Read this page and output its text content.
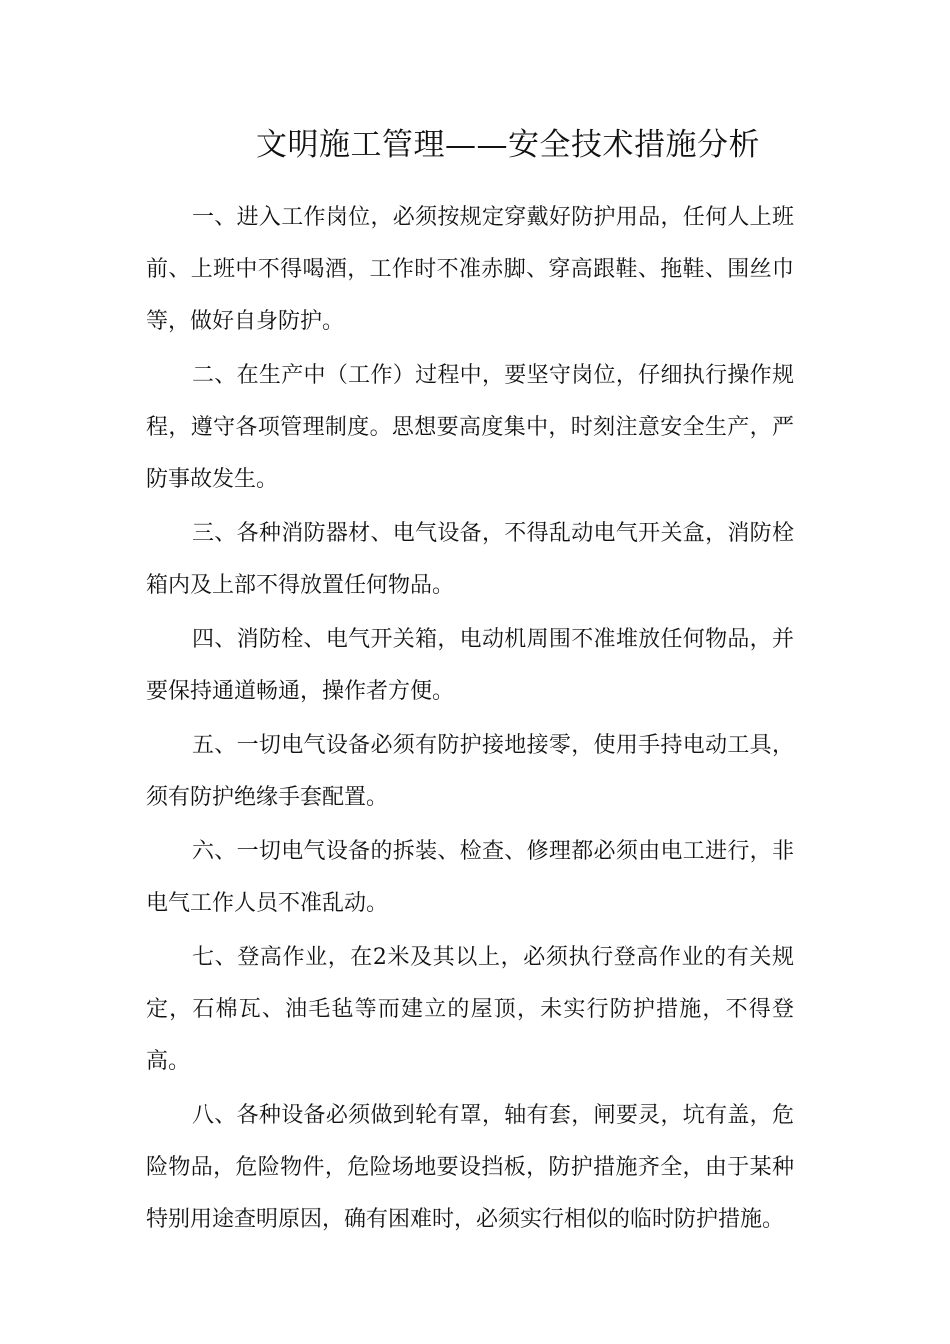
文明施工管理——安全技术措施分析

一、进入工作岗位，必须按规定穿戴好防护用品，任何人上班前、上班中不得喝酒，工作时不准赤脚、穿高跟鞋、拖鞋、围丝巾等，做好自身防护。

二、在生产中（工作）过程中，要坚守岗位，仔细执行操作规程，遵守各项管理制度。思想要高度集中，时刻注意安全生产，严防事故发生。

三、各种消防器材、电气设备，不得乱动电气开关盒，消防栓箱内及上部不得放置任何物品。

四、消防栓、电气开关箱，电动机周围不准堆放任何物品，并要保持通道畅通，操作者方便。

五、一切电气设备必须有防护接地接零，使用手持电动工具，须有防护绝缘手套配置。

六、一切电气设备的拆装、检查、修理都必须由电工进行，非电气工作人员不准乱动。

七、登高作业，在2米及其以上，必须执行登高作业的有关规定，石棉瓦、油毛毡等而建立的屋顶，未实行防护措施，不得登高。

八、各种设备必须做到轮有罩，轴有套，闸要灵，坑有盖，危险物品，危险物件，危险场地要设挡板，防护措施齐全，由于某种特别用途查明原因，确有困难时，必须实行相似的临时防护措施。
